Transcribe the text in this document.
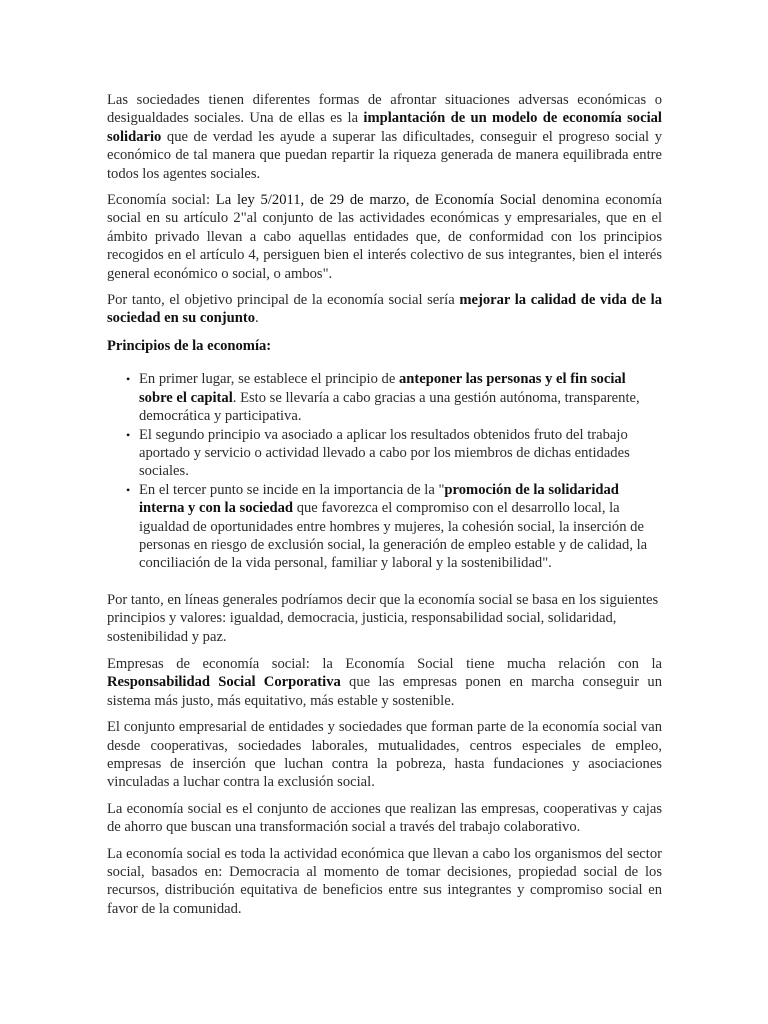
Las sociedades tienen diferentes formas de afrontar situaciones adversas económicas o desigualdades sociales. Una de ellas es la implantación de un modelo de economía social solidario que de verdad les ayude a superar las dificultades, conseguir el progreso social y económico de tal manera que puedan repartir la riqueza generada de manera equilibrada entre todos los agentes sociales.

Economía social: La ley 5/2011, de 29 de marzo, de Economía Social denomina economía social en su artículo 2"al conjunto de las actividades económicas y empresariales, que en el ámbito privado llevan a cabo aquellas entidades que, de conformidad con los principios recogidos en el artículo 4, persiguen bien el interés colectivo de sus integrantes, bien el interés general económico o social, o ambos".

Por tanto, el objetivo principal de la economía social sería mejorar la calidad de vida de la sociedad en su conjunto.

Principios de la economía:

• En primer lugar, se establece el principio de anteponer las personas y el fin social sobre el capital. Esto se llevaría a cabo gracias a una gestión autónoma, transparente, democrática y participativa.
• El segundo principio va asociado a aplicar los resultados obtenidos fruto del trabajo aportado y servicio o actividad llevado a cabo por los miembros de dichas entidades sociales.
• En el tercer punto se incide en la importancia de la "promoción de la solidaridad interna y con la sociedad que favorezca el compromiso con el desarrollo local, la igualdad de oportunidades entre hombres y mujeres, la cohesión social, la inserción de personas en riesgo de exclusión social, la generación de empleo estable y de calidad, la conciliación de la vida personal, familiar y laboral y la sostenibilidad".

Por tanto, en líneas generales podríamos decir que la economía social se basa en los siguientes principios y valores: igualdad, democracia, justicia, responsabilidad social, solidaridad, sostenibilidad y paz.

Empresas de economía social: la Economía Social tiene mucha relación con la Responsabilidad Social Corporativa que las empresas ponen en marcha conseguir un sistema más justo, más equitativo, más estable y sostenible.

El conjunto empresarial de entidades y sociedades que forman parte de la economía social van desde cooperativas, sociedades laborales, mutualidades, centros especiales de empleo, empresas de inserción que luchan contra la pobreza, hasta fundaciones y asociaciones vinculadas a luchar contra la exclusión social.

La economía social es el conjunto de acciones que realizan las empresas, cooperativas y cajas de ahorro que buscan una transformación social a través del trabajo colaborativo.

La economía social es toda la actividad económica que llevan a cabo los organismos del sector social, basados en: Democracia al momento de tomar decisiones, propiedad social de los recursos, distribución equitativa de beneficios entre sus integrantes y compromiso social en favor de la comunidad.
